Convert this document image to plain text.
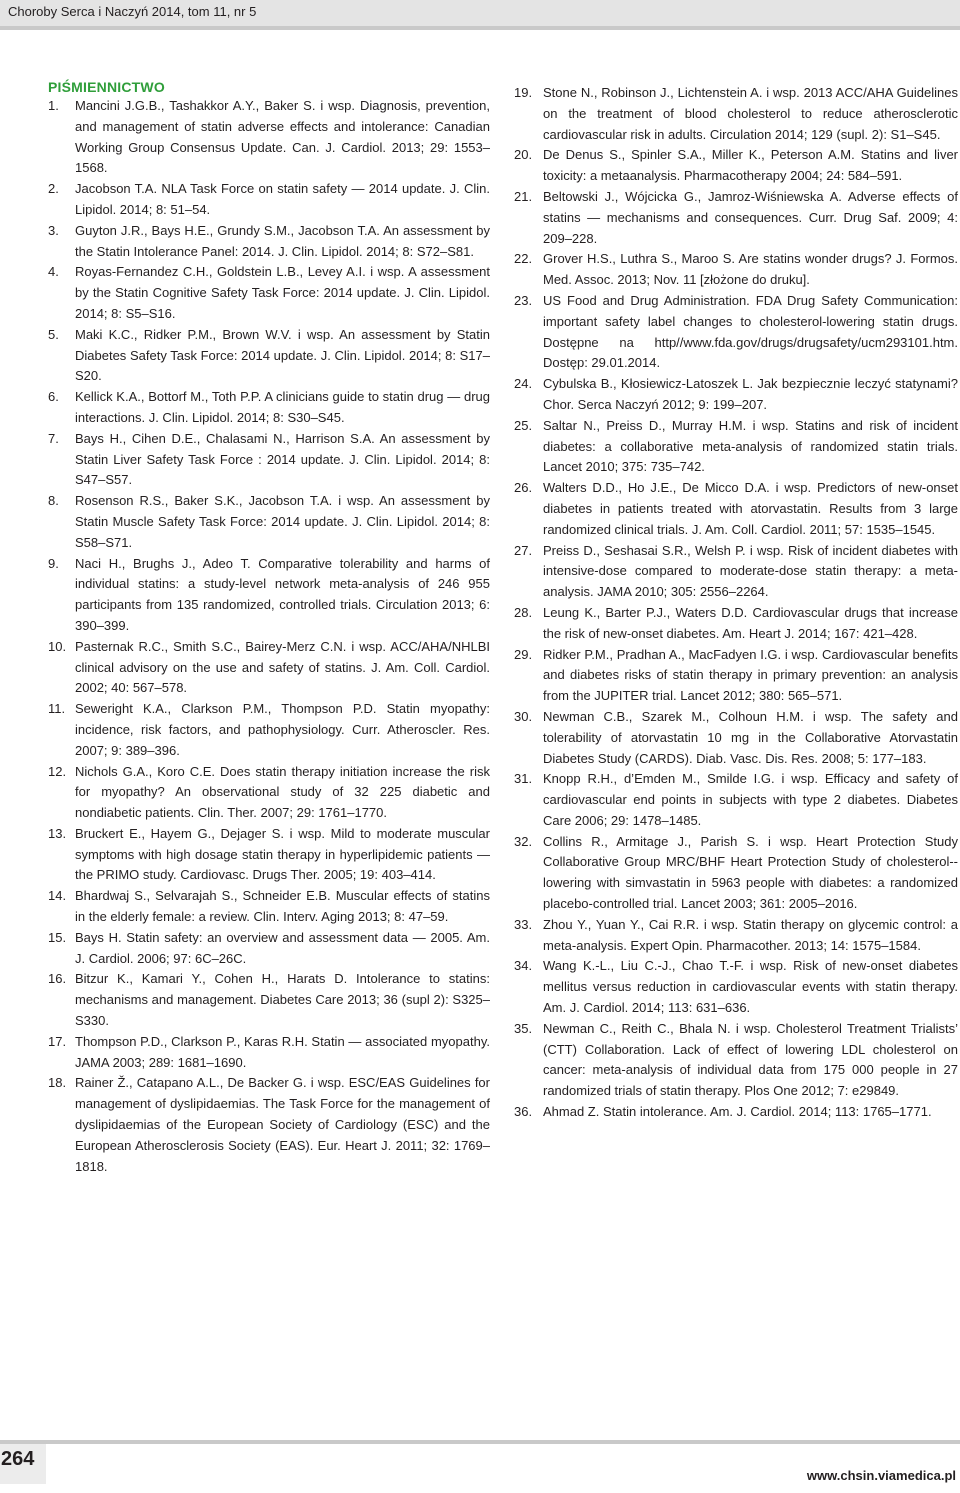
Choroby Serca i Naczyń 2014, tom 11, nr 5
PIŚMIENNICTWO
1. Mancini J.G.B., Tashakkor A.Y., Baker S. i wsp. Diagnosis, prevention, and management of statin adverse effects and intolerance: Canadian Working Group Consensus Update. Can. J. Cardiol. 2013; 29: 1553–1568.
2. Jacobson T.A. NLA Task Force on statin safety — 2014 update. J. Clin. Lipidol. 2014; 8: 51–54.
3. Guyton J.R., Bays H.E., Grundy S.M., Jacobson T.A. An assessment by the Statin Intolerance Panel: 2014. J. Clin. Lipidol. 2014; 8: S72–S81.
4. Royas-Fernandez C.H., Goldstein L.B., Levey A.I. i wsp. A assessment by the Statin Cognitive Safety Task Force: 2014 update. J. Clin. Lipidol. 2014; 8: S5–S16.
5. Maki K.C., Ridker P.M., Brown W.V. i wsp. An assessment by Statin Diabetes Safety Task Force: 2014 update. J. Clin. Lipidol. 2014; 8: S17–S20.
6. Kellick K.A., Bottorf M., Toth P.P. A clinicians guide to statin drug — drug interactions. J. Clin. Lipidol. 2014; 8: S30–S45.
7. Bays H., Cihen D.E., Chalasami N., Harrison S.A. An assessment by Statin Liver Safety Task Force : 2014 update. J. Clin. Lipidol. 2014; 8: S47–S57.
8. Rosenson R.S., Baker S.K., Jacobson T.A. i wsp. An assessment by Statin Muscle Safety Task Force: 2014 update. J. Clin. Lipidol. 2014; 8: S58–S71.
9. Naci H., Brughs J., Adeo T. Comparative tolerability and harms of individual statins: a study-level network meta-analysis of 246 955 participants from 135 randomized, controlled trials. Circulation 2013; 6: 390–399.
10. Pasternak R.C., Smith S.C., Bairey-Merz C.N. i wsp. ACC/AHA/NHLBI clinical advisory on the use and safety of statins. J. Am. Coll. Cardiol. 2002; 40: 567–578.
11. Seweright K.A., Clarkson P.M., Thompson P.D. Statin myopathy: incidence, risk factors, and pathophysiology. Curr. Atheroscler. Res. 2007; 9: 389–396.
12. Nichols G.A., Koro C.E. Does statin therapy initiation increase the risk for myopathy? An observational study of 32 225 diabetic and nondiabetic patients. Clin. Ther. 2007; 29: 1761–1770.
13. Bruckert E., Hayem G., Dejager S. i wsp. Mild to moderate muscular symptoms with high dosage statin therapy in hyperlipidemic patients — the PRIMO study. Cardiovasc. Drugs Ther. 2005; 19: 403–414.
14. Bhardwaj S., Selvarajah S., Schneider E.B. Muscular effects of statins in the elderly female: a review. Clin. Interv. Aging 2013; 8: 47–59.
15. Bays H. Statin safety: an overview and assessment data — 2005. Am. J. Cardiol. 2006; 97: 6C–26C.
16. Bitzur K., Kamari Y., Cohen H., Harats D. Intolerance to statins: mechanisms and management. Diabetes Care 2013; 36 (supl 2): S325–S330.
17. Thompson P.D., Clarkson P., Karas R.H. Statin — associated myopathy. JAMA 2003; 289: 1681–1690.
18. Rainer Ž., Catapano A.L., De Backer G. i wsp. ESC/EAS Guidelines for management of dyslipidaemias. The Task Force for the management of dyslipidaemias of the European Society of Cardiology (ESC) and the European Atherosclerosis Society (EAS). Eur. Heart J. 2011; 32: 1769–1818.
19. Stone N., Robinson J., Lichtenstein A. i wsp. 2013 ACC/AHA Guidelines on the treatment of blood cholesterol to reduce atherosclerotic cardiovascular risk in adults. Circulation 2014; 129 (supl. 2): S1–S45.
20. De Denus S., Spinler S.A., Miller K., Peterson A.M. Statins and liver toxicity: a metaanalysis. Pharmacotherapy 2004; 24: 584–591.
21. Beltowski J., Wójcicka G., Jamroz-Wiśniewska A. Adverse effects of statins — mechanisms and consequences. Curr. Drug Saf. 2009; 4: 209–228.
22. Grover H.S., Luthra S., Maroo S. Are statins wonder drugs? J. Formos. Med. Assoc. 2013; Nov. 11 [złożone do druku].
23. US Food and Drug Administration. FDA Drug Safety Communication: important safety label changes to cholesterol-lowering statin drugs. Dostępne na http//www.fda.gov/drugs/drugsafety/ucm293101.htm. Dostęp: 29.01.2014.
24. Cybulska B., Kłosiewicz-Latoszek L. Jak bezpiecznie leczyć statynami? Chor. Serca Naczyń 2012; 9: 199–207.
25. Saltar N., Preiss D., Murray H.M. i wsp. Statins and risk of incident diabetes: a collaborative meta-analysis of randomized statin trials. Lancet 2010; 375: 735–742.
26. Walters D.D., Ho J.E., De Micco D.A. i wsp. Predictors of new-onset diabetes in patients treated with atorvastatin. Results from 3 large randomized clinical trials. J. Am. Coll. Cardiol. 2011; 57: 1535–1545.
27. Preiss D., Seshasai S.R., Welsh P. i wsp. Risk of incident diabetes with intensive-dose compared to moderate-dose statin therapy: a meta-analysis. JAMA 2010; 305: 2556–2264.
28. Leung K., Barter P.J., Waters D.D. Cardiovascular drugs that increase the risk of new-onset diabetes. Am. Heart J. 2014; 167: 421–428.
29. Ridker P.M., Pradhan A., MacFadyen I.G. i wsp. Cardiovascular benefits and diabetes risks of statin therapy in primary prevention: an analysis from the JUPITER trial. Lancet 2012; 380: 565–571.
30. Newman C.B., Szarek M., Colhoun H.M. i wsp. The safety and tolerability of atorvastatin 10 mg in the Collaborative Atorvastatin Diabetes Study (CARDS). Diab. Vasc. Dis. Res. 2008; 5: 177–183.
31. Knopp R.H., d’Emden M., Smilde I.G. i wsp. Efficacy and safety of cardiovascular end points in subjects with type 2 diabetes. Diabetes Care 2006; 29: 1478–1485.
32. Collins R., Armitage J., Parish S. i wsp. Heart Protection Study Collaborative Group MRC/BHF Heart Protection Study of cholesterol--lowering with simvastatin in 5963 people with diabetes: a randomized placebo-controlled trial. Lancet 2003; 361: 2005–2016.
33. Zhou Y., Yuan Y., Cai R.R. i wsp. Statin therapy on glycemic control: a meta-analysis. Expert Opin. Pharmacother. 2013; 14: 1575–1584.
34. Wang K.-L., Liu C.-J., Chao T.-F. i wsp. Risk of new-onset diabetes mellitus versus reduction in cardiovascular events with statin therapy. Am. J. Cardiol. 2014; 113: 631–636.
35. Newman C., Reith C., Bhala N. i wsp. Cholesterol Treatment Trialists’ (CTT) Collaboration. Lack of effect of lowering LDL cholesterol on cancer: meta-analysis of individual data from 175 000 people in 27 randomized trials of statin therapy. Plos One 2012; 7: e29849.
36. Ahmad Z. Statin intolerance. Am. J. Cardiol. 2014; 113: 1765–1771.
264
www.chsin.viamedica.pl
